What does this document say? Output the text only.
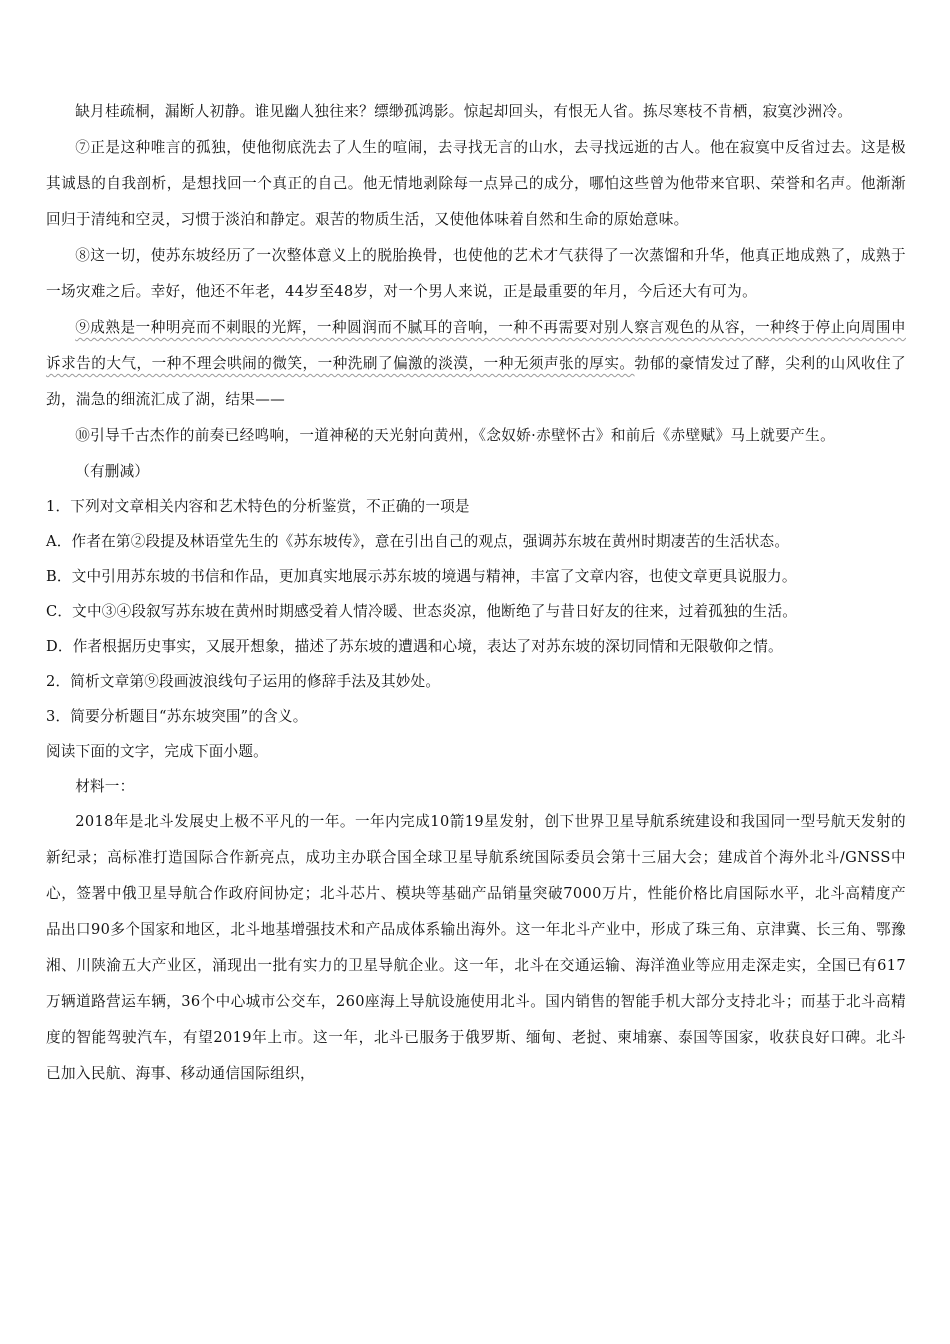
缺月桂疏桐，漏断人初静。谁见幽人独往来？缥缈孤鸿影。惊起却回头，有恨无人省。拣尽寒枝不肯栖，寂寞沙洲冷。

⑦正是这种唯言的孤独，使他彻底洗去了人生的喧闹，去寻找无言的山水，去寻找远逝的古人。他在寂寞中反省过去。这是极其诚恳的自我剖析，是想找回一个真正的自己。他无情地剥除每一点异己的成分，哪怕这些曾为他带来官职、荣誉和名声。他渐渐回归于清纯和空灵，习惯于淡泊和静定。艰苦的物质生活，又使他体味着自然和生命的原始意味。

⑧这一切，使苏东坡经历了一次整体意义上的脱胎换骨，也使他的艺术才气获得了一次蒸馏和升华，他真正地成熟了，成熟于一场灾难之后。幸好，他还不年老，44岁至48岁，对一个男人来说，正是最重要的年月，今后还大有可为。

⑨成熟是一种明亮而不刺眼的光辉，一种圆润而不腻耳的音响，一种不再需要对别人察言观色的从容，一种终于停止向周围申诉求告的大气，一种不理会哄闹的微笑，一种洗刷了偏激的淡漠，一种无须声张的厚实。勃郁的豪情发过了酵，尖利的山风收住了劲，湍急的细流汇成了湖，结果——

⑩引导千古杰作的前奏已经鸣响，一道神秘的天光射向黄州，《念奴娇·赤壁怀古》和前后《赤壁赋》马上就要产生。

（有删减）

1．下列对文章相关内容和艺术特色的分析鉴赏，不正确的一项是

A．作者在第②段提及林语堂先生的《苏东坡传》，意在引出自己的观点，强调苏东坡在黄州时期凄苦的生活状态。

B．文中引用苏东坡的书信和作品，更加真实地展示苏东坡的境遇与精神，丰富了文章内容，也使文章更具说服力。

C．文中③④段叙写苏东坡在黄州时期感受着人情冷暖、世态炎凉，他断绝了与昔日好友的往来，过着孤独的生活。

D．作者根据历史事实，又展开想象，描述了苏东坡的遭遇和心境，表达了对苏东坡的深切同情和无限敬仰之情。

2．简析文章第⑨段画波浪线句子运用的修辞手法及其妙处。

3．简要分析题目“苏东坡突围”的含义。

阅读下面的文字，完成下面小题。

材料一：

2018年是北斗发展史上极不平凡的一年。一年内完成10箭19星发射，创下世界卫星导航系统建设和我国同一型号航天发射的新纪录；高标准打造国际合作新亮点，成功主办联合国全球卫星导航系统国际委员会第十三届大会；建成首个海外北斗/GNSS中心，签署中俄卫星导航合作政府间协定；北斗芯片、模块等基础产品销量突破7000万片，性能价格比肩国际水平，北斗高精度产品出口90多个国家和地区，北斗地基增强技术和产品成体系输出海外。这一年北斗产业中，形成了珠三角、京津冀、长三角、鄂豫湘、川陕渝五大产业区，涌现出一批有实力的卫星导航企业。这一年，北斗在交通运输、海洋渔业等应用走深走实，全国已有617万辆道路营运车辆，36个中心城市公交车，260座海上导航设施使用北斗。国内销售的智能手机大部分支持北斗；而基于北斗高精度的智能驾驶汽车，有望2019年上市。这一年，北斗已服务于俄罗斯、缅甸、老挝、柬埔寨、泰国等国家，收获良好口碑。北斗已加入民航、海事、移动通信国际组织，
